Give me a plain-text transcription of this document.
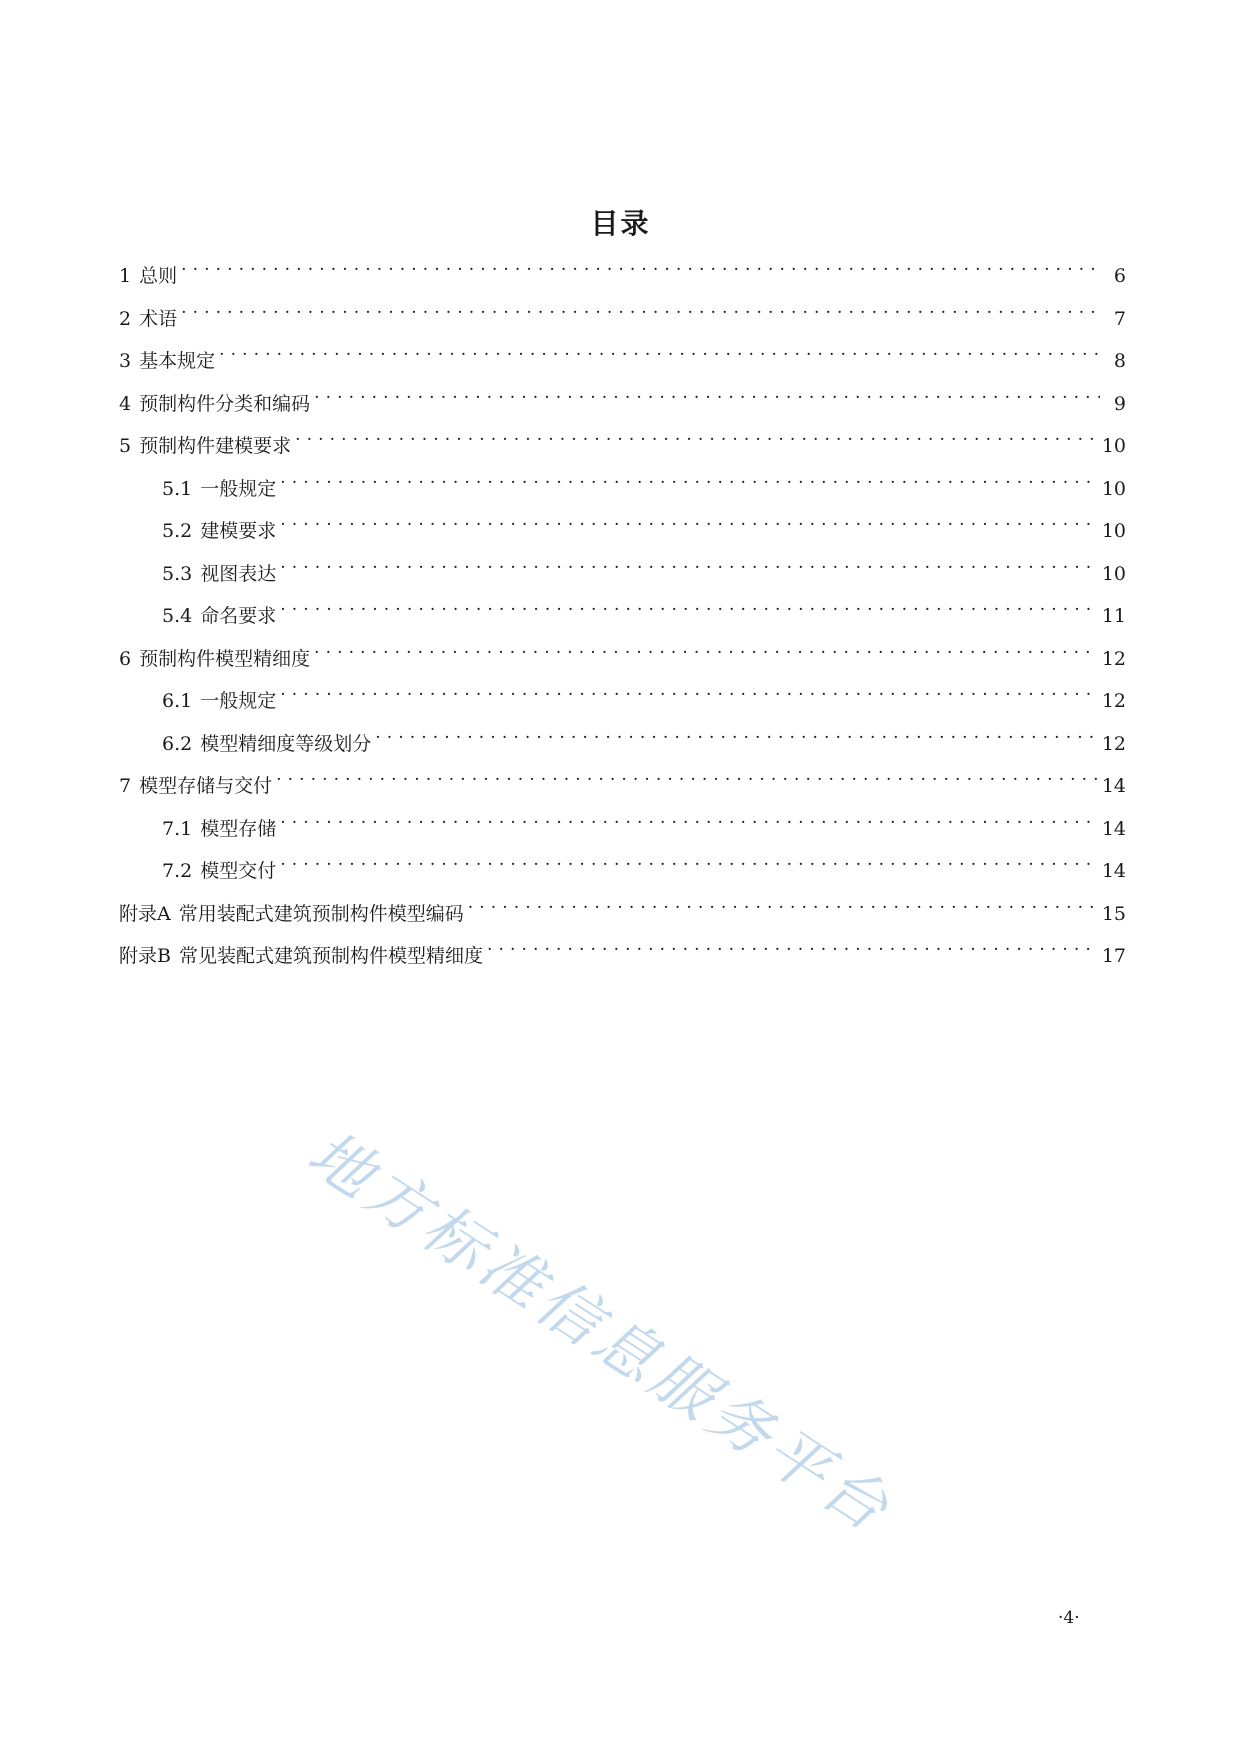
目录
1 总则 . . .	6
2 术语 . . .	7
3 基本规定 . . .	8
4 预制构件分类和编码 . . .	9
5 预制构件建模要求 . . .	10
5.1 一般规定 . . .	10
5.2 建模要求 . . .	10
5.3 视图表达 . . .	10
5.4 命名要求 . . .	11
6 预制构件模型精细度 . . .	12
6.1 一般规定 . . .	12
6.2 模型精细度等级划分 . . .	12
7 模型存储与交付 . . .	14
7.1 模型存储 . . .	14
7.2 模型交付 . . .	14
附录A 常用装配式建筑预制构件模型编码 . . .	15
附录B 常见装配式建筑预制构件模型精细度 . . .	17
地方标准信息服务平台
·4·
